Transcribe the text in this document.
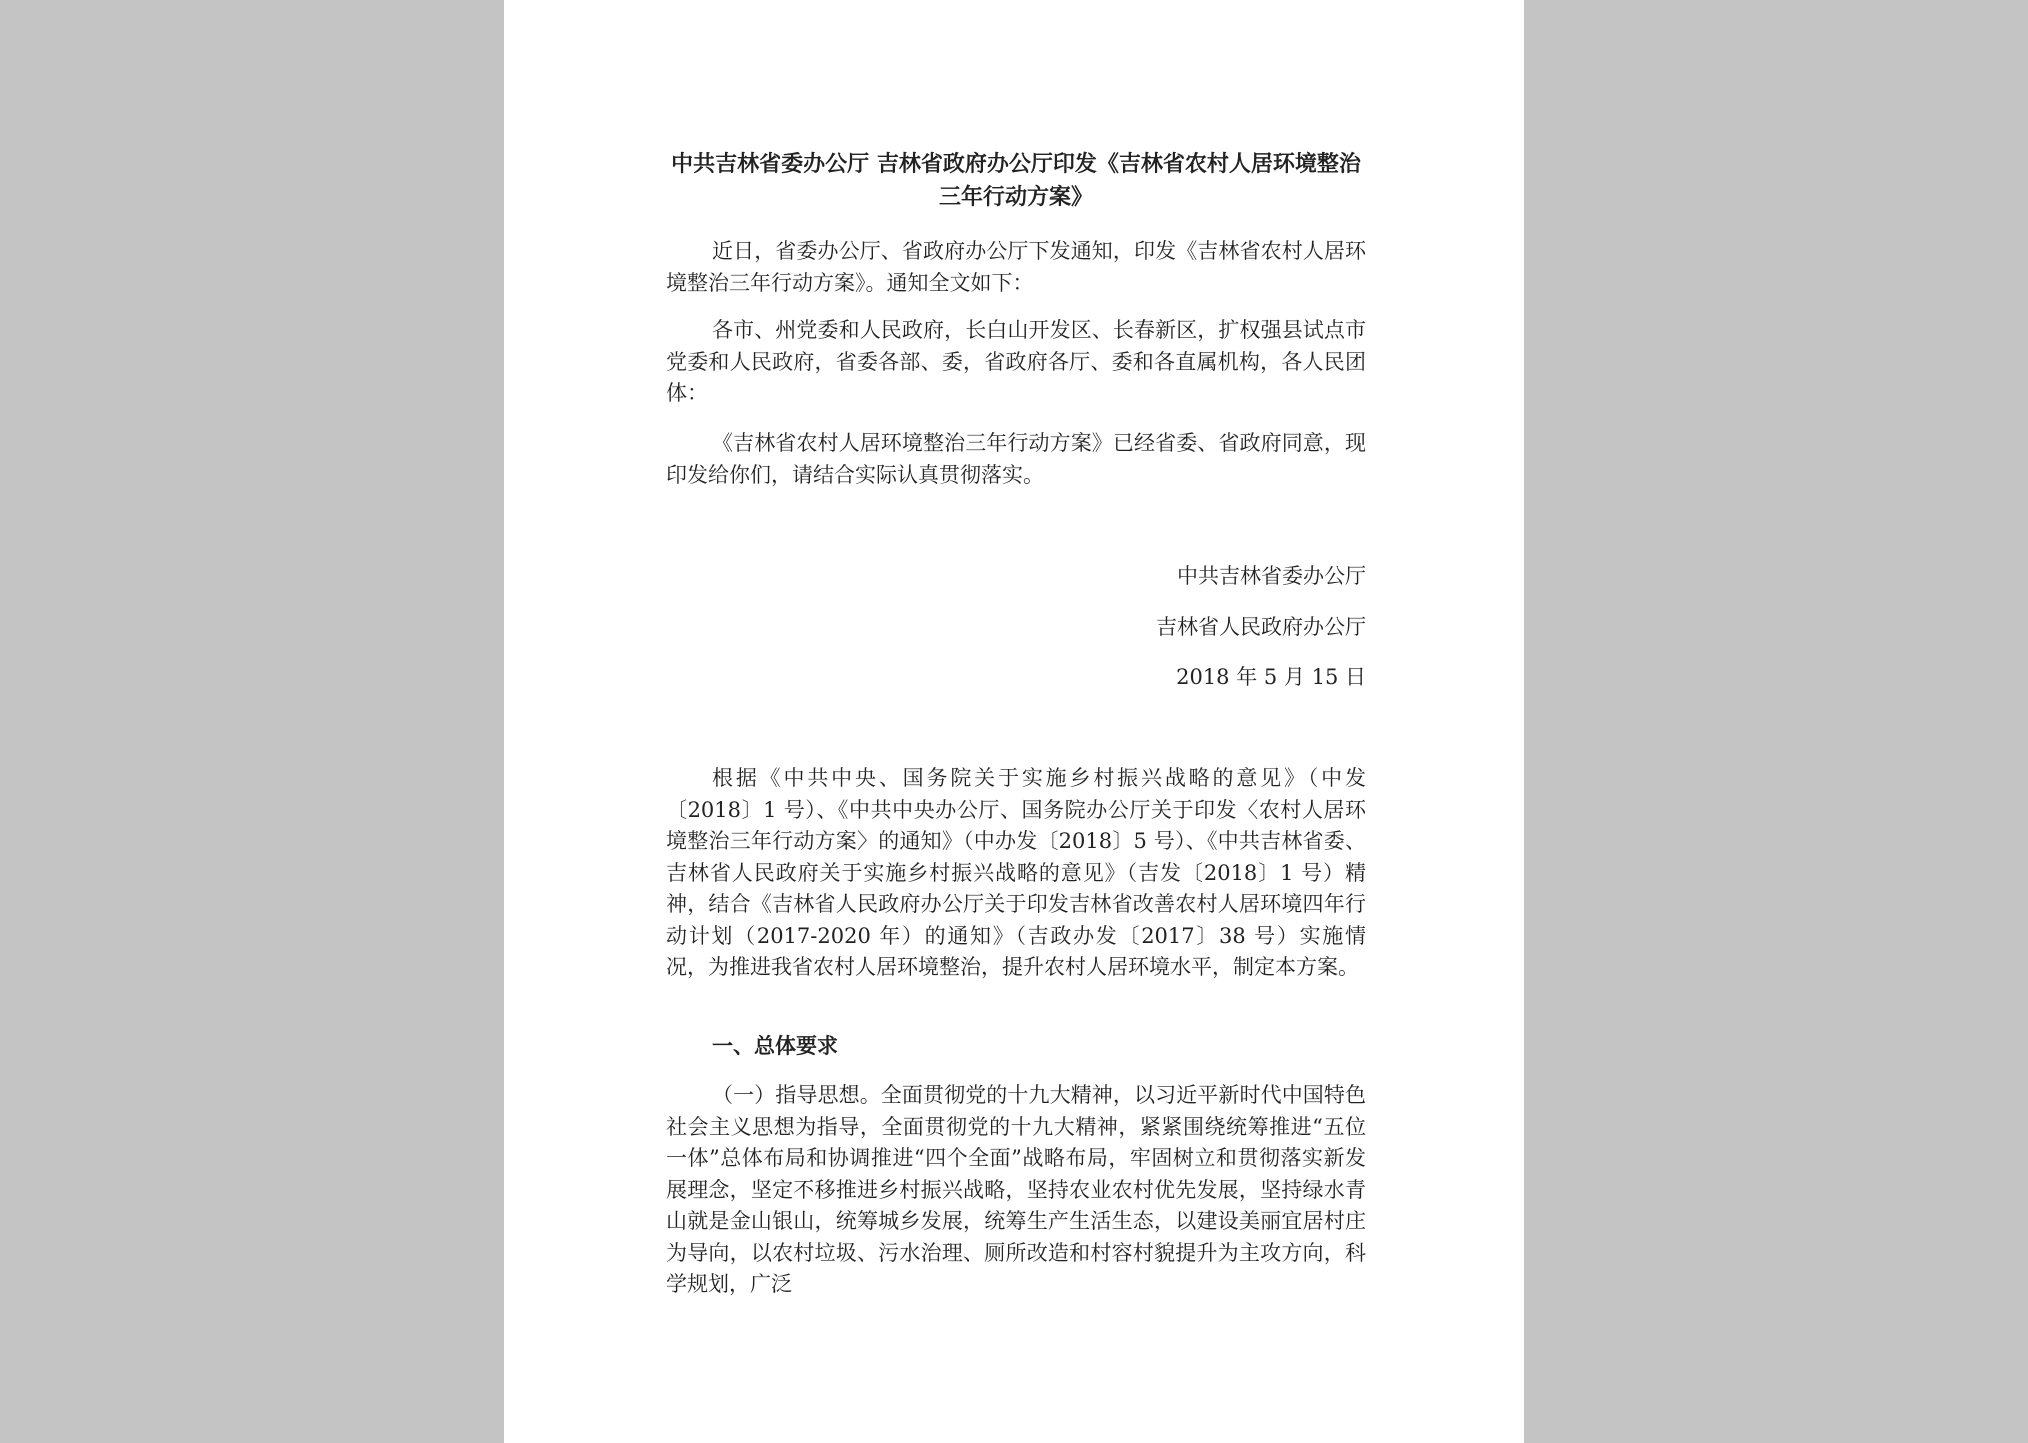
中共吉林省委办公厅 吉林省政府办公厅印发《吉林省农村人居环境整治三年行动方案》

近日，省委办公厅、省政府办公厅下发通知，印发《吉林省农村人居环境整治三年行动方案》。通知全文如下：

各市、州党委和人民政府，长白山开发区、长春新区，扩权强县试点市党委和人民政府，省委各部、委，省政府各厅、委和各直属机构，各人民团体：

《吉林省农村人居环境整治三年行动方案》已经省委、省政府同意，现印发给你们，请结合实际认真贯彻落实。

中共吉林省委办公厅
吉林省人民政府办公厅
2018 年 5 月 15 日

根据《中共中央、国务院关于实施乡村振兴战略的意见》（中发〔2018〕1 号）、《中共中央办公厅、国务院办公厅关于印发〈农村人居环境整治三年行动方案〉的通知》（中办发〔2018〕5 号）、《中共吉林省委、吉林省人民政府关于实施乡村振兴战略的意见》（吉发〔2018〕1 号）精神，结合《吉林省人民政府办公厅关于印发吉林省改善农村人居环境四年行动计划（2017-2020 年）的通知》（吉政办发〔2017〕38 号）实施情况，为推进我省农村人居环境整治，提升农村人居环境水平，制定本方案。

一、总体要求

（一）指导思想。全面贯彻党的十九大精神，以习近平新时代中国特色社会主义思想为指导，全面贯彻党的十九大精神，紧紧围绕统筹推进“五位一体”总体布局和协调推进“四个全面”战略布局，牢固树立和贯彻落实新发展理念，坚定不移推进乡村振兴战略，坚持农业农村优先发展，坚持绿水青山就是金山银山，统筹城乡发展，统筹生产生活生态，以建设美丽宜居村庄为导向，以农村垃圾、污水治理、厕所改造和村容村貌提升为主攻方向，科学规划，广泛
